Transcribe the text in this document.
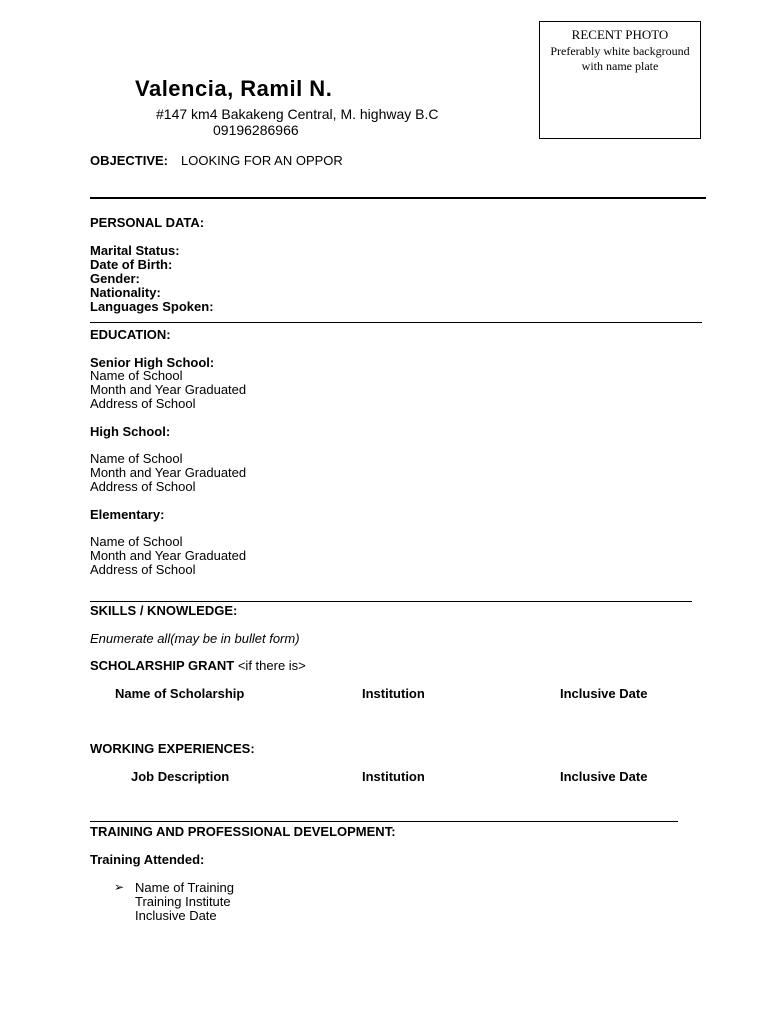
RECENT PHOTO
Preferably white background with name plate
Valencia, Ramil N.
#147 km4 Bakakeng Central, M. highway B.C
09196286966
OBJECTIVE: LOOKING FOR AN OPPOR
PERSONAL DATA:
Marital Status:
Date of Birth:
Gender:
Nationality:
Languages Spoken:
EDUCATION:
Senior High School:
Name of School
Month and Year Graduated
Address of School
High School:
Name of School
Month and Year Graduated
Address of School
Elementary:
Name of School
Month and Year Graduated
Address of School
SKILLS / KNOWLEDGE:
Enumerate all(may be in bullet form)
SCHOLARSHIP GRANT <if there is>
Name of Scholarship	Institution	Inclusive Date
WORKING EXPERIENCES:
Job Description	Institution	Inclusive Date
TRAINING AND PROFESSIONAL DEVELOPMENT:
Training Attended:
➢ Name of Training
Training Institute
Inclusive Date
